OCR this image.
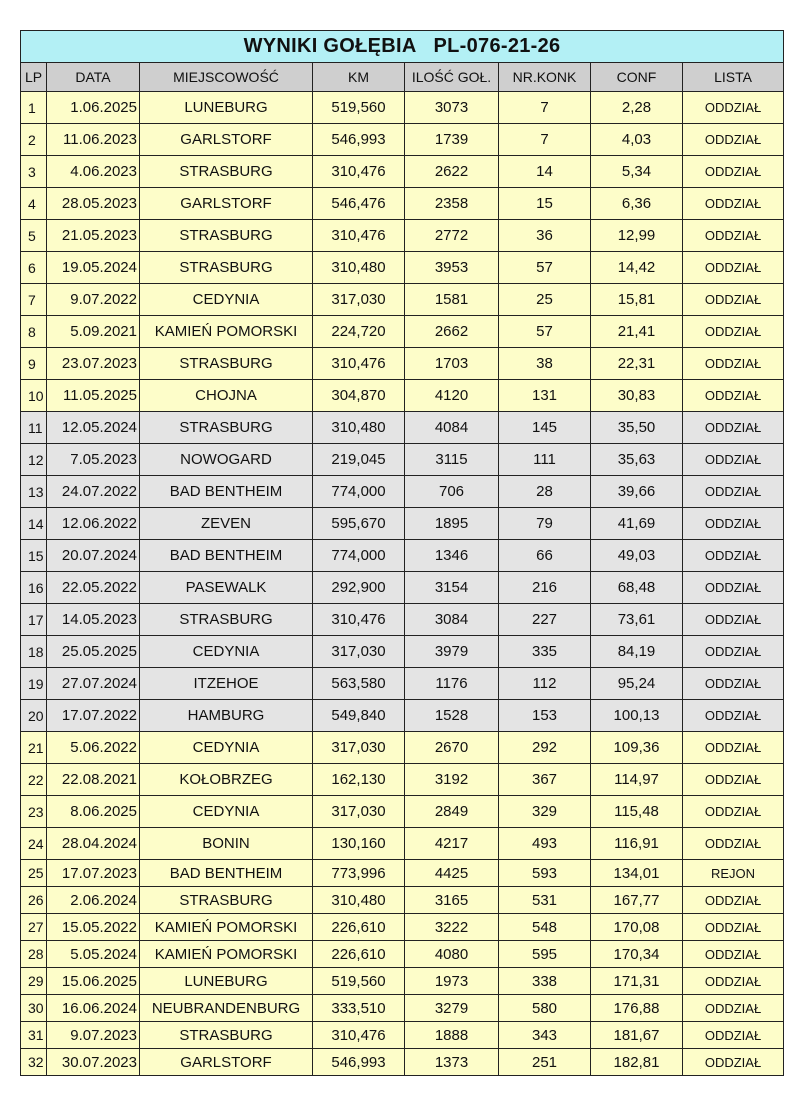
WYNIKI GOŁĘBIA   PL-076-21-26							
LP	DATA	MIEJSCOWOŚĆ	KM	ILOŚĆ GOŁ.	NR.KONK	CONF	LISTA
1	1.06.2025	LUNEBURG	519,560	3073	7	2,28	ODDZIAŁ
2	11.06.2023	GARLSTORF	546,993	1739	7	4,03	ODDZIAŁ
3	4.06.2023	STRASBURG	310,476	2622	14	5,34	ODDZIAŁ
4	28.05.2023	GARLSTORF	546,476	2358	15	6,36	ODDZIAŁ
5	21.05.2023	STRASBURG	310,476	2772	36	12,99	ODDZIAŁ
6	19.05.2024	STRASBURG	310,480	3953	57	14,42	ODDZIAŁ
7	9.07.2022	CEDYNIA	317,030	1581	25	15,81	ODDZIAŁ
8	5.09.2021	KAMIEŃ POMORSKI	224,720	2662	57	21,41	ODDZIAŁ
9	23.07.2023	STRASBURG	310,476	1703	38	22,31	ODDZIAŁ
10	11.05.2025	CHOJNA	304,870	4120	131	30,83	ODDZIAŁ
11	12.05.2024	STRASBURG	310,480	4084	145	35,50	ODDZIAŁ
12	7.05.2023	NOWOGARD	219,045	3115	111	35,63	ODDZIAŁ
13	24.07.2022	BAD BENTHEIM	774,000	706	28	39,66	ODDZIAŁ
14	12.06.2022	ZEVEN	595,670	1895	79	41,69	ODDZIAŁ
15	20.07.2024	BAD BENTHEIM	774,000	1346	66	49,03	ODDZIAŁ
16	22.05.2022	PASEWALK	292,900	3154	216	68,48	ODDZIAŁ
17	14.05.2023	STRASBURG	310,476	3084	227	73,61	ODDZIAŁ
18	25.05.2025	CEDYNIA	317,030	3979	335	84,19	ODDZIAŁ
19	27.07.2024	ITZEHOE	563,580	1176	112	95,24	ODDZIAŁ
20	17.07.2022	HAMBURG	549,840	1528	153	100,13	ODDZIAŁ
21	5.06.2022	CEDYNIA	317,030	2670	292	109,36	ODDZIAŁ
22	22.08.2021	KOŁOBRZEG	162,130	3192	367	114,97	ODDZIAŁ
23	8.06.2025	CEDYNIA	317,030	2849	329	115,48	ODDZIAŁ
24	28.04.2024	BONIN	130,160	4217	493	116,91	ODDZIAŁ
25	17.07.2023	BAD BENTHEIM	773,996	4425	593	134,01	REJON
26	2.06.2024	STRASBURG	310,480	3165	531	167,77	ODDZIAŁ
27	15.05.2022	KAMIEŃ POMORSKI	226,610	3222	548	170,08	ODDZIAŁ
28	5.05.2024	KAMIEŃ POMORSKI	226,610	4080	595	170,34	ODDZIAŁ
29	15.06.2025	LUNEBURG	519,560	1973	338	171,31	ODDZIAŁ
30	16.06.2024	NEUBRANDENBURG	333,510	3279	580	176,88	ODDZIAŁ
31	9.07.2023	STRASBURG	310,476	1888	343	181,67	ODDZIAŁ
32	30.07.2023	GARLSTORF	546,993	1373	251	182,81	ODDZIAŁ
